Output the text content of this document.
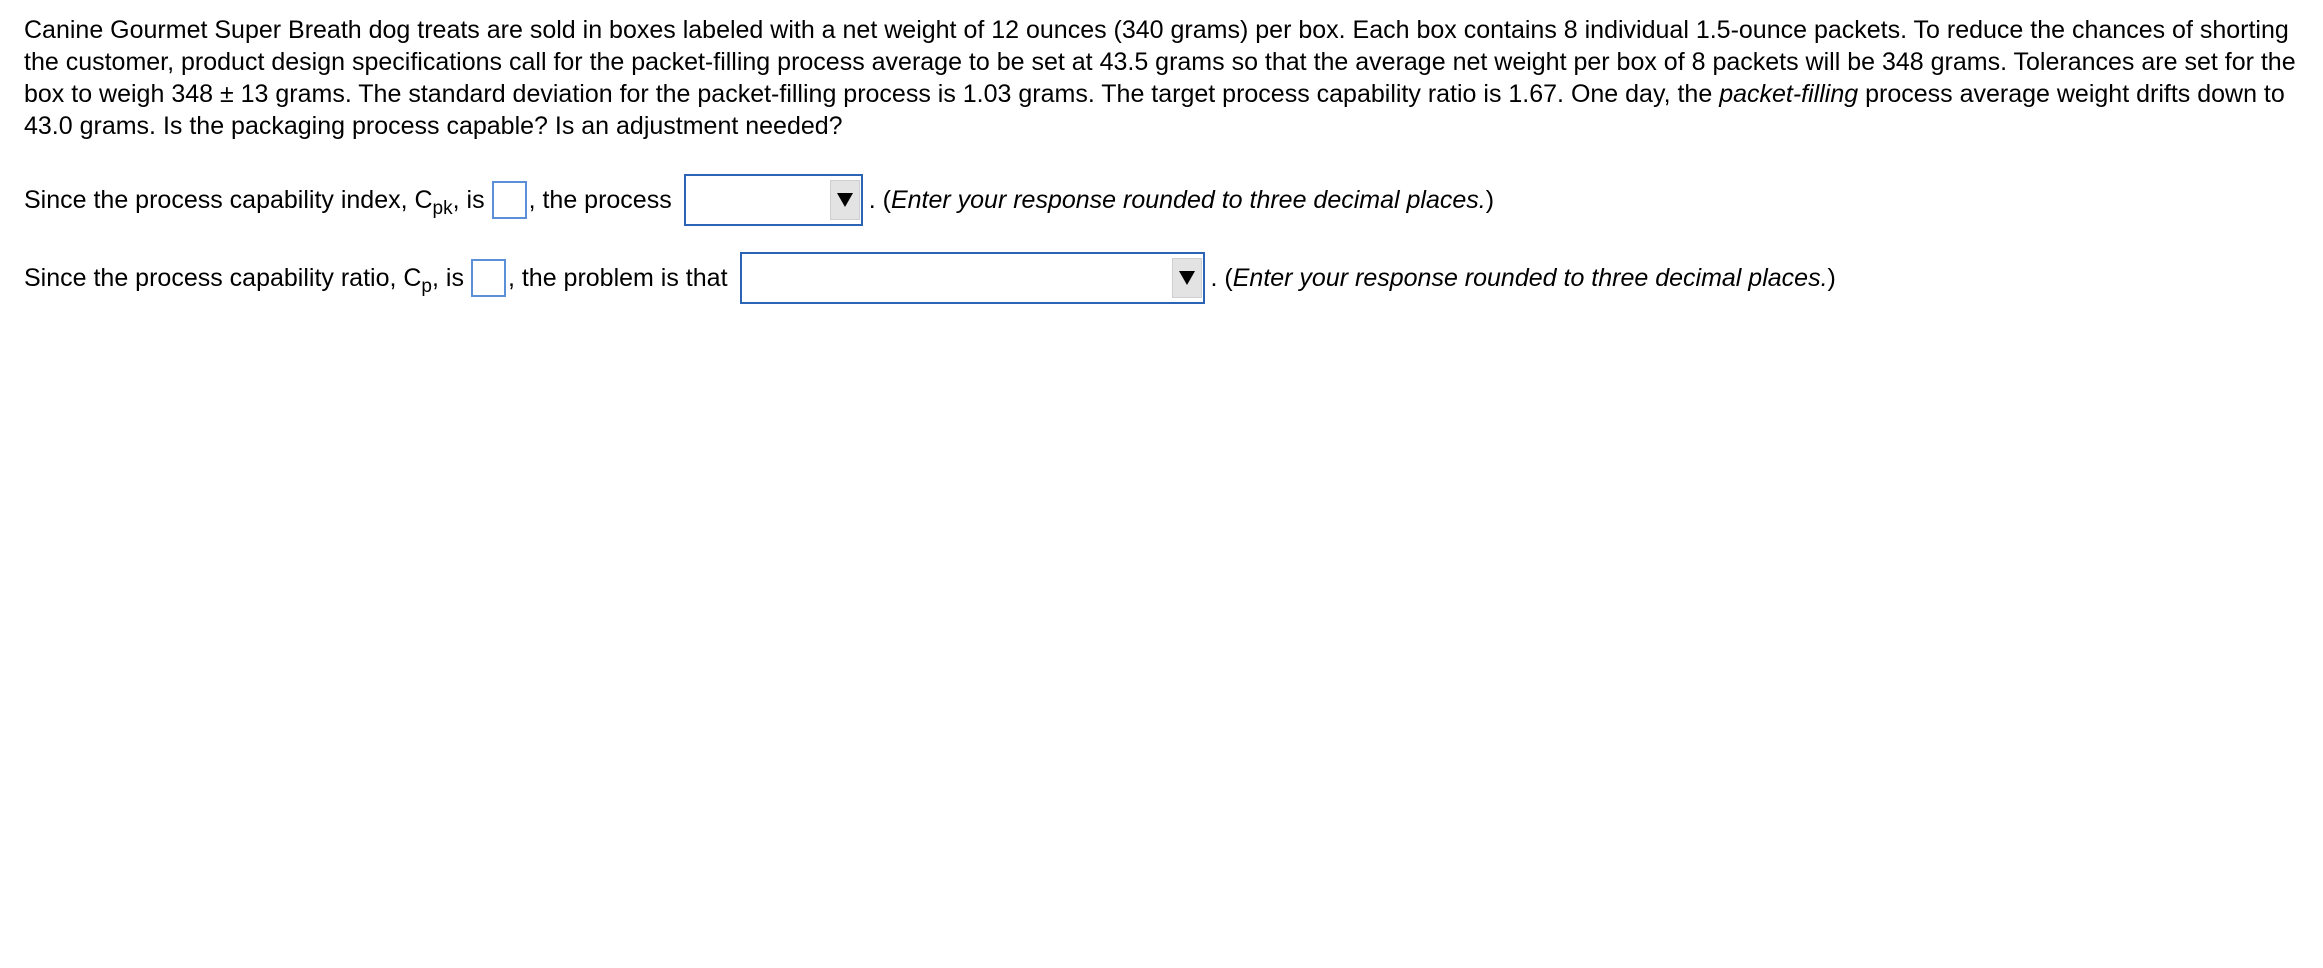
Canine Gourmet Super Breath dog treats are sold in boxes labeled with a net weight of 12 ounces (340 grams) per box. Each box contains 8 individual 1.5-ounce packets. To reduce the chances of shorting the customer, product design specifications call for the packet-filling process average to be set at 43.5 grams so that the average net weight per box of 8 packets will be 348 grams. Tolerances are set for the box to weigh 348 ± 13 grams. The standard deviation for the packet-filling process is 1.03 grams. The target process capability ratio is 1.67. One day, the packet-filling process average weight drifts down to 43.0 grams. Is the packaging process capable? Is an adjustment needed?

Since the process capability index, C pk , is , the process	. (Enter your response rounded to three decimal places.)
Since the process capability ratio, C p , is , the problem is that	. (Enter your response rounded to three decimal places.)
